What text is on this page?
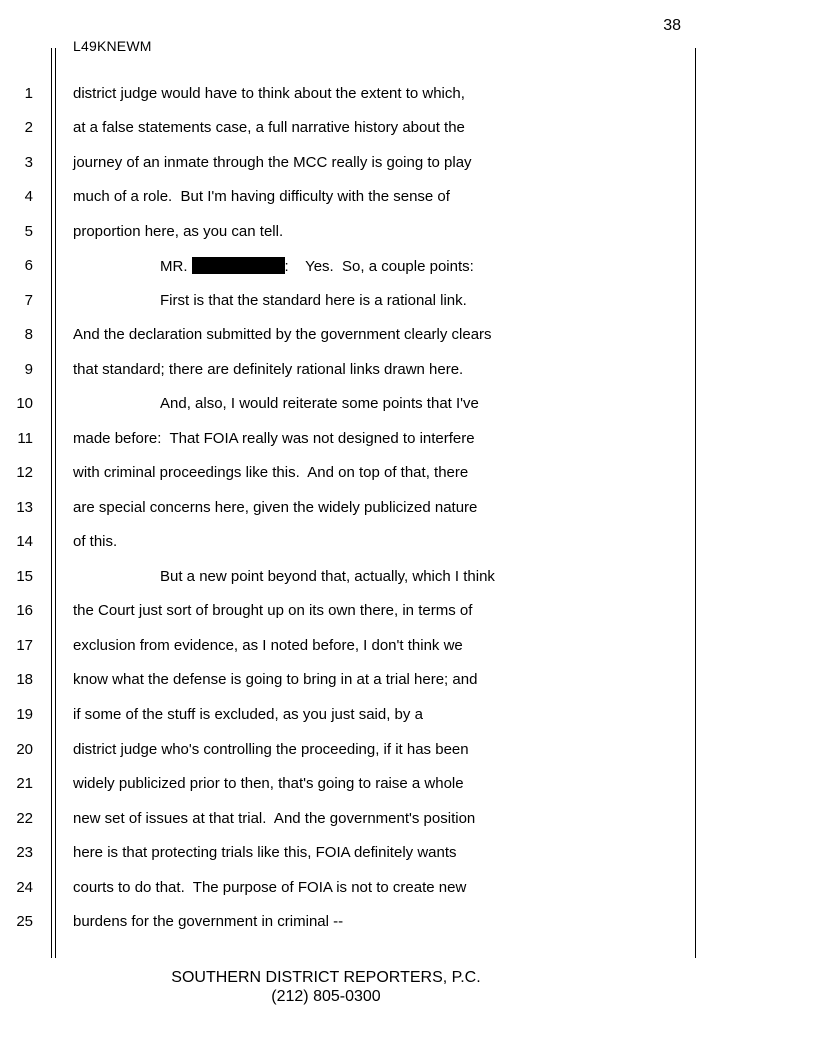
38
L49KNEWM
1	district judge would have to think about the extent to which,
2	at a false statements case, a full narrative history about the
3	journey of an inmate through the MCC really is going to play
4	much of a role.  But I'm having difficulty with the sense of
5	proportion here, as you can tell.
6	MR.	:    Yes.  So, a couple points:
7	First is that the standard here is a rational link.
8	And the declaration submitted by the government clearly clears
9	that standard; there are definitely rational links drawn here.
10	And, also, I would reiterate some points that I've
11	made before:  That FOIA really was not designed to interfere
12	with criminal proceedings like this.  And on top of that, there
13	are special concerns here, given the widely publicized nature
14	of this.
15	But a new point beyond that, actually, which I think
16	the Court just sort of brought up on its own there, in terms of
17	exclusion from evidence, as I noted before, I don't think we
18	know what the defense is going to bring in at a trial here; and
19	if some of the stuff is excluded, as you just said, by a
20	district judge who's controlling the proceeding, if it has been
21	widely publicized prior to then, that's going to raise a whole
22	new set of issues at that trial.  And the government's position
23	here is that protecting trials like this, FOIA definitely wants
24	courts to do that.  The purpose of FOIA is not to create new
25	burdens for the government in criminal --
SOUTHERN DISTRICT REPORTERS, P.C.
(212) 805-0300
